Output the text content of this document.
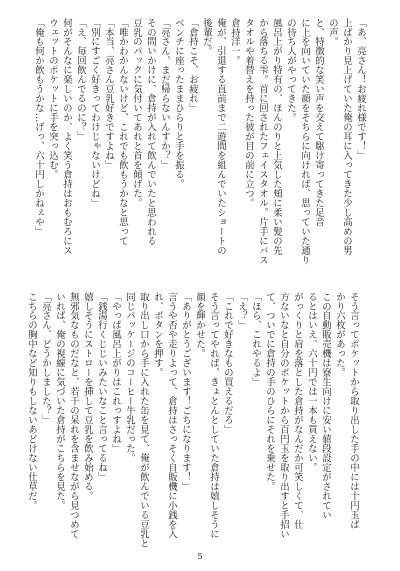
「あ、亮さん！お疲れ様です！」

上ばかり見上げていた俺の耳に入ってきた少し高めの男

の声。

と、特徴的な笑い声を交えて駆け寄ってきた足音

に上を向いていた顔をそちらに向ければ、思っていた通り

の待ち人がやってきた。

風呂上がり特有の、ほんのりと上気した頬に柔い髪の先

から落ちる雫。首に回されたフェイスタオル。片手にバス

タオルや着替えを持った彼が目の前に立つ。

倉持洋一。

俺が、引退する直前まで二遊間を組んでいたショートの

後輩だ。

「倉持こそ、お疲れ」

ベンチに座ったままひらりと手を振る。

「亮さん、まだ帰らないんすか？」

その問いかけに、倉持が入れて飲んでいたと思われる

豆乳のパックに気付いてあれと首を傾げた。

「唯かわかんないけど、これでも飲もうかなと思って

「本当、亮さん豆乳好きですよね」

「別にすごく好きってわけじゃないけどね」

「え、毎回飲んでるのに？」

何がそんなに楽しいのか、よく笑う倉持はおもむろにス

ウェットのポケットに手を突っ込む。

「俺も何か飲もうかな…げっ、六十円しかねぇや」

そう言ってポケットから取り出した手の中には十円玉ば

かり六枚があった。

この自動販売機は寮生向けに安い値段設定がされてい

るとはいえ、六十円では一本も買えない。

がっくりと肩を落とした倉持がなんだか可笑しくて、仕

方ないなと自分のポケットから百円玉を取り出すと手招い

て、ついでに倉持の手のひらにそれを乗せた。

「ほら、これやるよ」

「え？」

「これで好きなもの買えるだろ」

そう言ってやれば、きょとんとしていた倉持は嬉しそうに

顔を輝かせた。

「ありがとうございます！ごちになります！」

言うや否や走りよって、倉持はさっそく自販機に小銭を入

れ、ボタンを押す。

取り出し口から手に入れた缶を見て、俺が飲んでいる豆乳と

同じパッケージのコーヒー牛乳だった。

「やっぱ風呂上がりはこれっすよね」

「銭湯行くじじいみたいなこと言ってるね」

嬉しそうにストローを挿して豆乳を飲み始める。

無邪気なものだなと、若干の呆れを含ませながら見つめて

いれば、俺の視線に気づいた倉持がこちらを見た。

「亮さん、どうかしました？」

こちらの胸中など知りもしないあどけない仕草だ。

5
